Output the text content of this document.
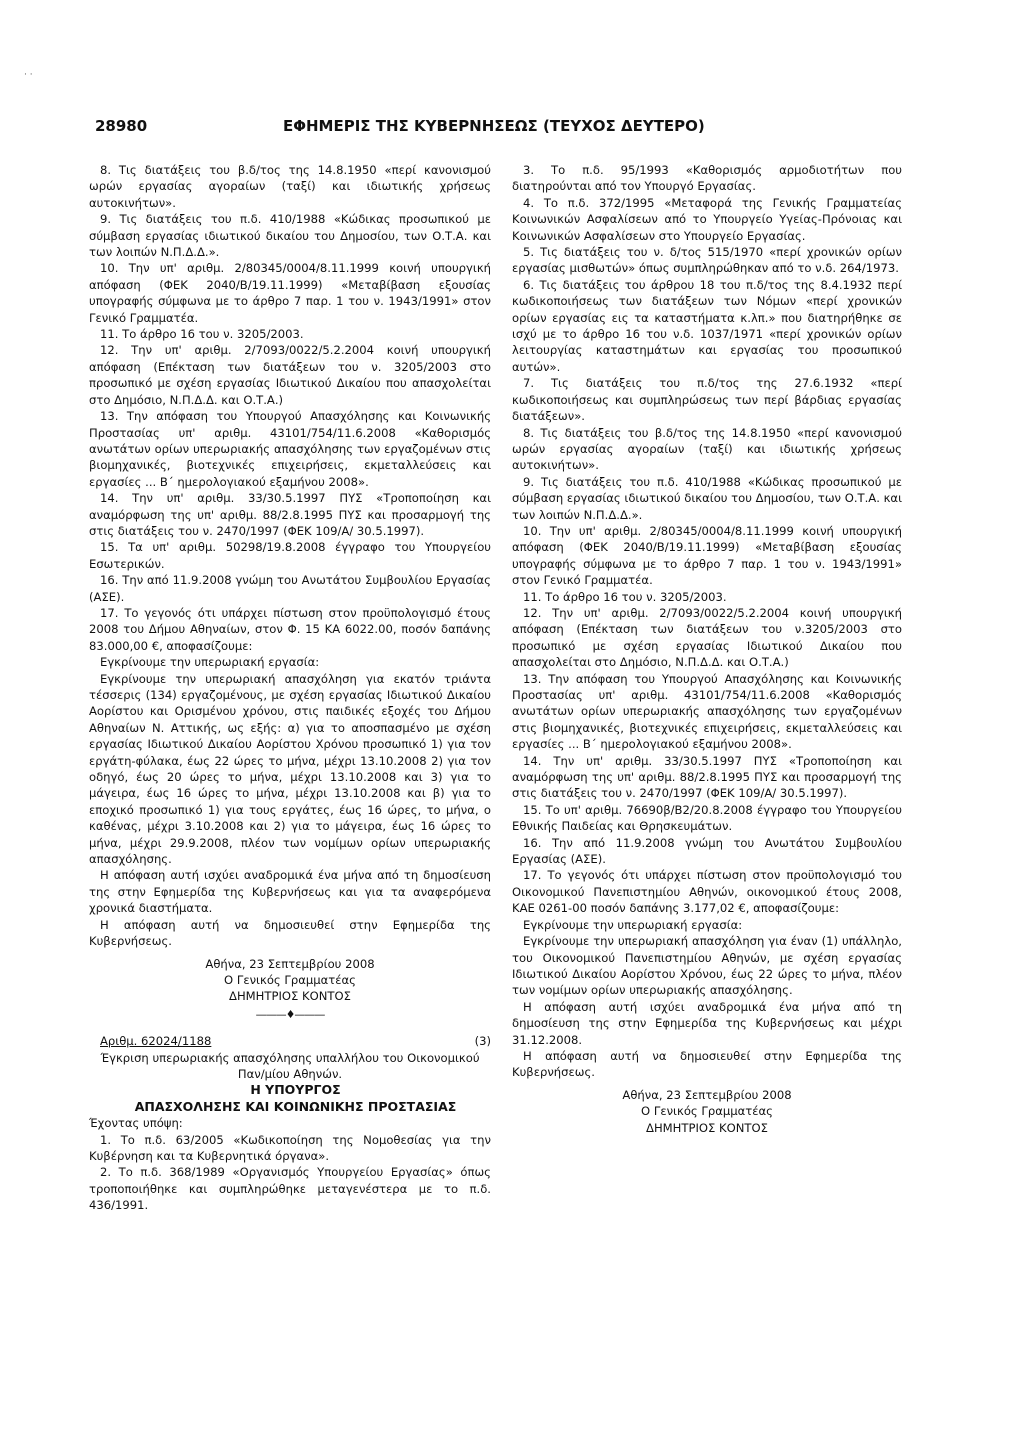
· ·
28980	ΕΦΗΜΕΡΙΣ ΤΗΣ ΚΥΒΕΡΝΗΣΕΩΣ (ΤΕΥΧΟΣ ΔΕΥΤΕΡΟ)

8. Τις διατάξεις του β.δ/τος της 14.8.1950 «περί κανονισμού ωρών εργασίας αγοραίων (ταξί) και ιδιωτικής χρήσεως αυτοκινήτων».

9. Τις διατάξεις του π.δ. 410/1988 «Κώδικας προσωπικού με σύμβαση εργασίας ιδιωτικού δικαίου του Δημοσίου, των Ο.Τ.Α. και των λοιπών Ν.Π.Δ.Δ.».

10. Την υπ' αριθμ. 2/80345/0004/8.11.1999 κοινή υπουργική απόφαση (ΦΕΚ 2040/Β/19.11.1999) «Μεταβίβαση εξουσίας υπογραφής σύμφωνα με το άρθρο 7 παρ. 1 του ν. 1943/1991» στον Γενικό Γραμματέα.

11. Το άρθρο 16 του ν. 3205/2003.

12. Την υπ' αριθμ. 2/7093/0022/5.2.2004 κοινή υπουργική απόφαση (Επέκταση των διατάξεων του ν. 3205/2003 στο προσωπικό με σχέση εργασίας Ιδιωτικού Δικαίου που απασχολείται στο Δημόσιο, Ν.Π.Δ.Δ. και Ο.Τ.Α.)

13. Την απόφαση του Υπουργού Απασχόλησης και Κοινωνικής Προστασίας υπ' αριθμ. 43101/754/11.6.2008 «Καθορισμός ανωτάτων ορίων υπερωριακής απασχόλησης των εργαζομένων στις βιομηχανικές, βιοτεχνικές επιχειρήσεις, εκμεταλλεύσεις και εργασίες ... Β΄ ημερολογιακού εξαμήνου 2008».

14. Την υπ' αριθμ. 33/30.5.1997 ΠΥΣ «Τροποποίηση και αναμόρφωση της υπ' αριθμ. 88/2.8.1995 ΠΥΣ και προσαρμογή της στις διατάξεις του ν. 2470/1997 (ΦΕΚ 109/Α/ 30.5.1997).

15. Τα υπ' αριθμ. 50298/19.8.2008 έγγραφο του Υπουργείου Εσωτερικών.

16. Την από 11.9.2008 γνώμη του Ανωτάτου Συμβουλίου Εργασίας (ΑΣΕ).

17. Το γεγονός ότι υπάρχει πίστωση στον προϋπολογισμό έτους 2008 του Δήμου Αθηναίων, στον Φ. 15 ΚΑ 6022.00, ποσόν δαπάνης 83.000,00 €, αποφασίζουμε:

Εγκρίνουμε την υπερωριακή εργασία:

Εγκρίνουμε την υπερωριακή απασχόληση για εκατόν τριάντα τέσσερις (134) εργαζομένους, με σχέση εργασίας Ιδιωτικού Δικαίου Αορίστου και Ορισμένου χρόνου, στις παιδικές εξοχές του Δήμου Αθηναίων Ν. Αττικής, ως εξής: α) για το αποσπασμένο με σχέση εργασίας Ιδιωτικού Δικαίου Αορίστου Χρόνου προσωπικό 1) για τον εργάτη-φύλακα, έως 22 ώρες το μήνα, μέχρι 13.10.2008 2) για τον οδηγό, έως 20 ώρες το μήνα, μέχρι 13.10.2008 και 3) για το μάγειρα, έως 16 ώρες το μήνα, μέχρι 13.10.2008 και β) για το εποχικό προσωπικό 1) για τους εργάτες, έως 16 ώρες, το μήνα, ο καθένας, μέχρι 3.10.2008 και 2) για το μάγειρα, έως 16 ώρες το μήνα, μέχρι 29.9.2008, πλέον των νομίμων ορίων υπερωριακής απασχόλησης.

Η απόφαση αυτή ισχύει αναδρομικά ένα μήνα από τη δημοσίευση της στην Εφημερίδα της Κυβερνήσεως και για τα αναφερόμενα χρονικά διαστήματα.

Η απόφαση αυτή να δημοσιευθεί στην Εφημερίδα της Κυβερνήσεως.

Αθήνα, 23 Σεπτεμβρίου 2008

Ο Γενικός Γραμματέας

ΔΗΜΗΤΡΙΟΣ ΚΟΝΤΟΣ

———♦———

Αριθμ. 62024/1188	(3)

Έγκριση υπερωριακής απασχόλησης υπαλλήλου του Οικονομικού Παν/μίου Αθηνών.

Η ΥΠΟΥΡΓΟΣ

ΑΠΑΣΧΟΛΗΣΗΣ ΚΑΙ ΚΟΙΝΩΝΙΚΗΣ ΠΡΟΣΤΑΣΙΑΣ

Έχοντας υπόψη:

1. Το π.δ. 63/2005 «Κωδικοποίηση της Νομοθεσίας για την Κυβέρνηση και τα Κυβερνητικά όργανα».

2. Το π.δ. 368/1989 «Οργανισμός Υπουργείου Εργασίας» όπως τροποποιήθηκε και συμπληρώθηκε μεταγενέστερα με το π.δ. 436/1991.

3. Το π.δ. 95/1993 «Καθορισμός αρμοδιοτήτων που διατηρούνται από τον Υπουργό Εργασίας.

4. Το π.δ. 372/1995 «Μεταφορά της Γενικής Γραμματείας Κοινωνικών Ασφαλίσεων από το Υπουργείο Υγείας-Πρόνοιας και Κοινωνικών Ασφαλίσεων στο Υπουργείο Εργασίας.

5. Τις διατάξεις του ν. δ/τος 515/1970 «περί χρονικών ορίων εργασίας μισθωτών» όπως συμπληρώθηκαν από το ν.δ. 264/1973.

6. Τις διατάξεις του άρθρου 18 του π.δ/τος της 8.4.1932 περί κωδικοποιήσεως των διατάξεων των Νόμων «περί χρονικών ορίων εργασίας εις τα καταστήματα κ.λπ.» που διατηρήθηκε σε ισχύ με το άρθρο 16 του ν.δ. 1037/1971 «περί χρονικών ορίων λειτουργίας καταστημάτων και εργασίας του προσωπικού αυτών».

7. Τις διατάξεις του π.δ/τος της 27.6.1932 «περί κωδικοποιήσεως και συμπληρώσεως των περί βάρδιας εργασίας διατάξεων».

8. Τις διατάξεις του β.δ/τος της 14.8.1950 «περί κανονισμού ωρών εργασίας αγοραίων (ταξί) και ιδιωτικής χρήσεως αυτοκινήτων».

9. Τις διατάξεις του π.δ. 410/1988 «Κώδικας προσωπικού με σύμβαση εργασίας ιδιωτικού δικαίου του Δημοσίου, των Ο.Τ.Α. και των λοιπών Ν.Π.Δ.Δ.».

10. Την υπ' αριθμ. 2/80345/0004/8.11.1999 κοινή υπουργική απόφαση (ΦΕΚ 2040/Β/19.11.1999) «Μεταβίβαση εξουσίας υπογραφής σύμφωνα με το άρθρο 7 παρ. 1 του ν. 1943/1991» στον Γενικό Γραμματέα.

11. Το άρθρο 16 του ν. 3205/2003.

12. Την υπ' αριθμ. 2/7093/0022/5.2.2004 κοινή υπουργική απόφαση (Επέκταση των διατάξεων του ν.3205/2003 στο προσωπικό με σχέση εργασίας Ιδιωτικού Δικαίου που απασχολείται στο Δημόσιο, Ν.Π.Δ.Δ. και Ο.Τ.Α.)

13. Την απόφαση του Υπουργού Απασχόλησης και Κοινωνικής Προστασίας υπ' αριθμ. 43101/754/11.6.2008 «Καθορισμός ανωτάτων ορίων υπερωριακής απασχόλησης των εργαζομένων στις βιομηχανικές, βιοτεχνικές επιχειρήσεις, εκμεταλλεύσεις και εργασίες ... Β΄ ημερολογιακού εξαμήνου 2008».

14. Την υπ' αριθμ. 33/30.5.1997 ΠΥΣ «Τροποποίηση και αναμόρφωση της υπ' αριθμ. 88/2.8.1995 ΠΥΣ και προσαρμογή της στις διατάξεις του ν. 2470/1997 (ΦΕΚ 109/Α/ 30.5.1997).

15. Το υπ' αριθμ. 76690β/Β2/20.8.2008 έγγραφο του Υπουργείου Εθνικής Παιδείας και Θρησκευμάτων.

16. Την από 11.9.2008 γνώμη του Ανωτάτου Συμβουλίου Εργασίας (ΑΣΕ).

17. Το γεγονός ότι υπάρχει πίστωση στον προϋπολογισμό του Οικονομικού Πανεπιστημίου Αθηνών, οικονομικού έτους 2008, ΚΑΕ 0261-00 ποσόν δαπάνης 3.177,02 €, αποφασίζουμε:

Εγκρίνουμε την υπερωριακή εργασία:

Εγκρίνουμε την υπερωριακή απασχόληση για έναν (1) υπάλληλο, του Οικονομικού Πανεπιστημίου Αθηνών, με σχέση εργασίας Ιδιωτικού Δικαίου Αορίστου Χρόνου, έως 22 ώρες το μήνα, πλέον των νομίμων ορίων υπερωριακής απασχόλησης.

Η απόφαση αυτή ισχύει αναδρομικά ένα μήνα από τη δημοσίευση της στην Εφημερίδα της Κυβερνήσεως και μέχρι 31.12.2008.

Η απόφαση αυτή να δημοσιευθεί στην Εφημερίδα της Κυβερνήσεως.

Αθήνα, 23 Σεπτεμβρίου 2008

Ο Γενικός Γραμματέας

ΔΗΜΗΤΡΙΟΣ ΚΟΝΤΟΣ
